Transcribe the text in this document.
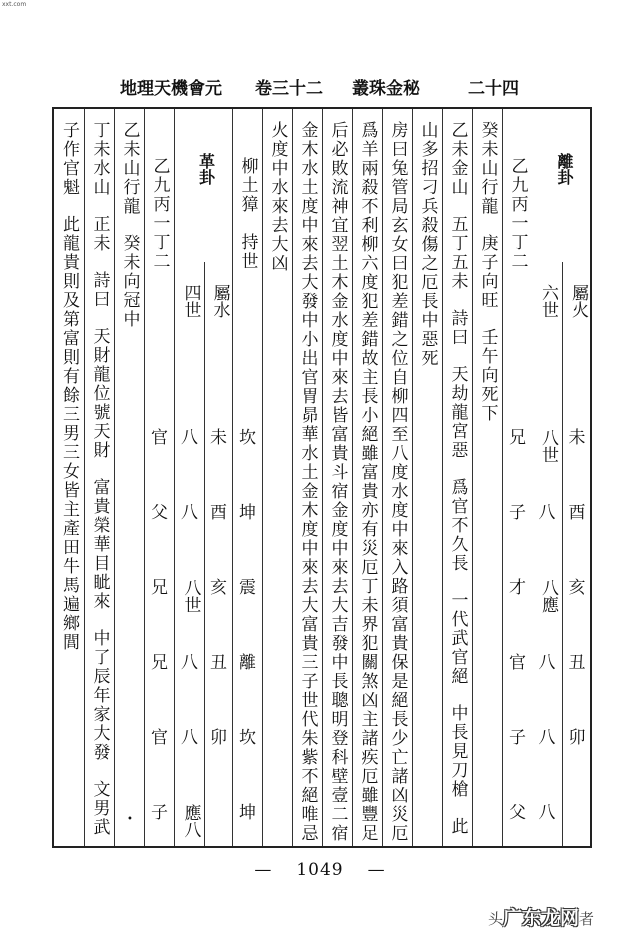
xxt.com
地理天機會元 卷三十二 叢珠金秘	二十四
子作官魁此龍貴則及第富則有餘三男三女皆主產田牛馬遍鄉閭
丁未水山正未詩曰天財龍位號天財富貴榮華目眦來中了辰年家大發文男武
乙未山行龍癸未向冠中
•
乙九丙一丁二
官
父
兄
兄
官
子
革卦
四世
八
八
八世
八
八
應八
屬水
未
酉
亥
丑
卯
柳土獐　持世
坎
坤
震
離
坎
坤
火度中水來去大凶 金木水土度中來去大發中小出官胃昴華水土金木度中來去大富貴三子世代朱紫不絕唯忌 后必敗流神宜翌土木金水度中來去皆富貴斗宿金度中來去大吉發中長聰明登科壁壹二宿 爲羊兩殺不利柳六度犯差錯故主長小絕雖富貴亦有災厄丁未界犯關煞凶主諸疾厄雖豐足 房曰兔管局玄女曰犯差錯之位自柳四至八度水度中來入路須富貴保是絕長少亡諸凶災厄 山多招刁兵殺傷之厄長中惡死 乙未金山五丁五未詩曰天劫龍宮惡爲官不久長一代武官絕中長見刀槍此
癸未山行龍庚子向旺壬午向死下
乙九丙一丁二
兄
子
才
官
子
父
離卦
六世
八世
八
八應
八
八
八
屬火
未
酉
亥
丑
卯
— 1049 —
头广东龙网者
